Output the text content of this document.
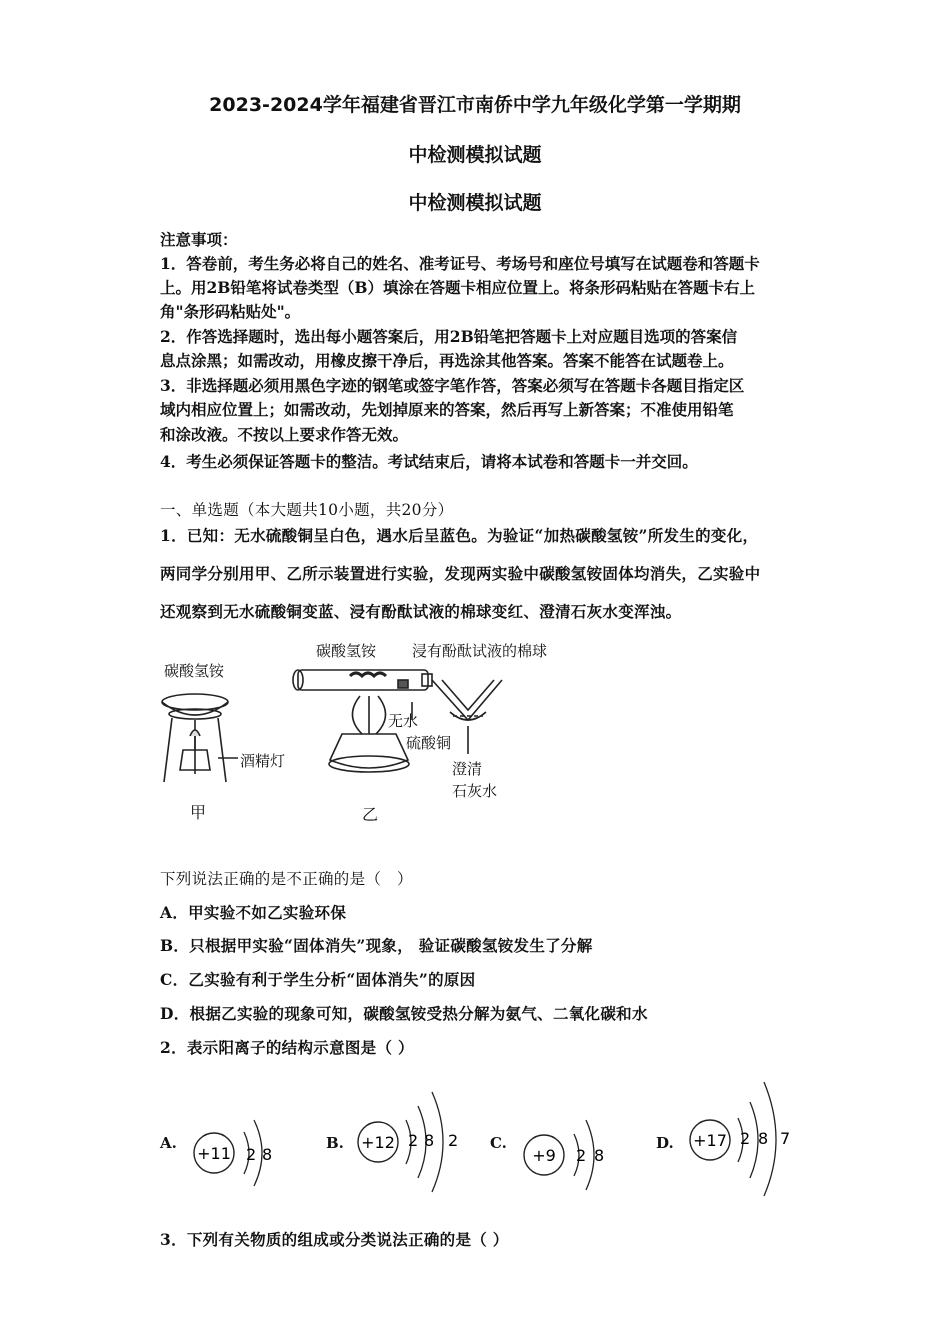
2023-2024学年福建省晋江市南侨中学九年级化学第一学期期
中检测模拟试题
中检测模拟试题
注意事项：
1．答卷前，考生务必将自己的姓名、准考证号、考场号和座位号填写在试题卷和答题卡
上。用2B铅笔将试卷类型（B）填涂在答题卡相应位置上。将条形码粘贴在答题卡右上
角"条形码粘贴处"。
2．作答选择题时，选出每小题答案后，用2B铅笔把答题卡上对应题目选项的答案信
息点涂黑；如需改动，用橡皮擦干净后，再选涂其他答案。答案不能答在试题卷上。
3．非选择题必须用黑色字迹的钢笔或签字笔作答，答案必须写在答题卡各题目指定区
域内相应位置上；如需改动，先划掉原来的答案，然后再写上新答案；不准使用铅笔
和涂改液。不按以上要求作答无效。
4．考生必须保证答题卡的整洁。考试结束后，请将本试卷和答题卡一并交回。
一、单选题（本大题共10小题，共20分）
1．已知：无水硫酸铜呈白色，遇水后呈蓝色。为验证“加热碳酸氢铵”所发生的变化，
两同学分别用甲、乙所示装置进行实验，发现两实验中碳酸氢铵固体均消失，乙实验中
还观察到无水硫酸铜变蓝、浸有酚酞试液的棉球变红、澄清石灰水变浑浊。
碳酸氢铵
酒精灯
甲
碳酸氢铵 浸有酚酞试液的棉球
无水
硫酸铜
澄清
石灰水
乙
下列说法正确的是不正确的是（　）
A．甲实验不如乙实验环保
B．只根据甲实验“固体消失”现象， 验证碳酸氢铵发生了分解
C．乙实验有利于学生分析“固体消失”的原因
D．根据乙实验的现象可知，碳酸氢铵受热分解为氨气、二氧化碳和水
2．表示阳离子的结构示意图是（ ）
A.
+11 2 8
B. +12 2 8 2 C.
+9 2 8
D. +17 2 8 7
3．下列有关物质的组成或分类说法正确的是（ ）
